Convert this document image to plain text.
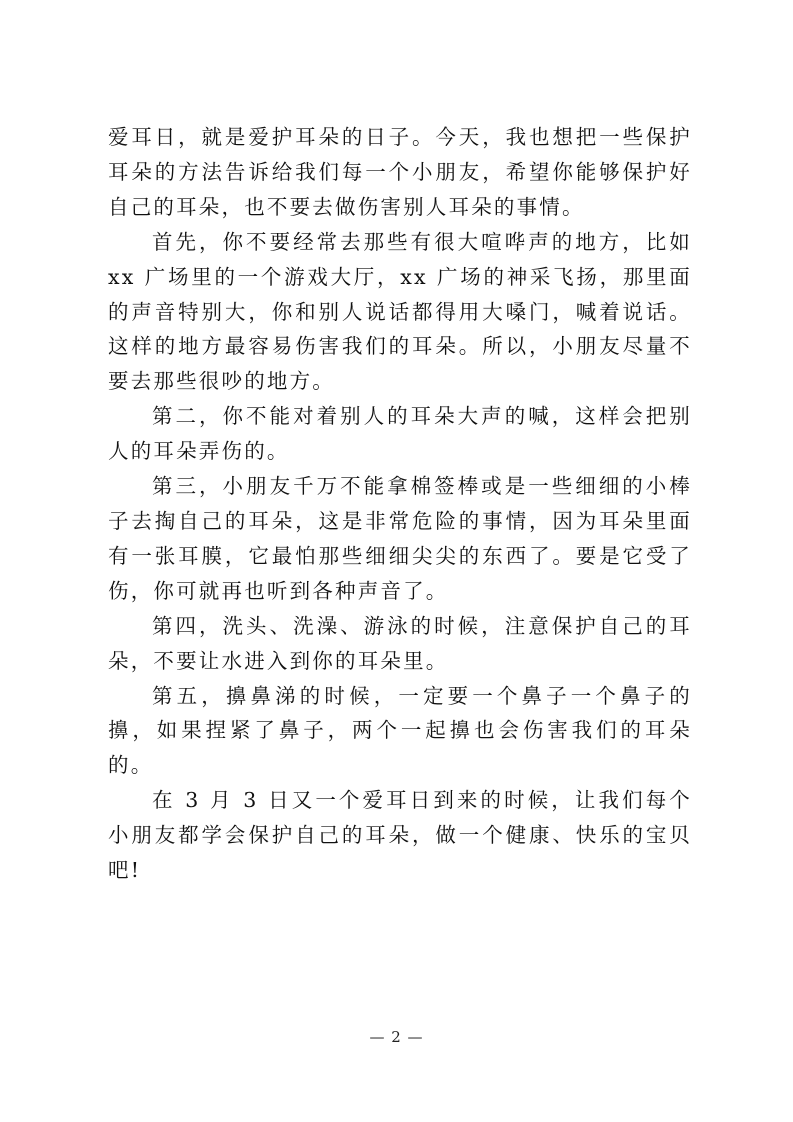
爱耳日，就是爱护耳朵的日子。今天，我也想把一些保护耳朵的方法告诉给我们每一个小朋友，希望你能够保护好自己的耳朵，也不要去做伤害别人耳朵的事情。

首先，你不要经常去那些有很大喧哗声的地方，比如 xx 广场里的一个游戏大厅，xx 广场的神采飞扬，那里面的声音特别大，你和别人说话都得用大嗓门，喊着说话。这样的地方最容易伤害我们的耳朵。所以，小朋友尽量不要去那些很吵的地方。

第二，你不能对着别人的耳朵大声的喊，这样会把别人的耳朵弄伤的。

第三，小朋友千万不能拿棉签棒或是一些细细的小棒子去掏自己的耳朵，这是非常危险的事情，因为耳朵里面有一张耳膜，它最怕那些细细尖尖的东西了。要是它受了伤，你可就再也听到各种声音了。

第四，洗头、洗澡、游泳的时候，注意保护自己的耳朵，不要让水进入到你的耳朵里。

第五，擤鼻涕的时候，一定要一个鼻子一个鼻子的擤，如果捏紧了鼻子，两个一起擤也会伤害我们的耳朵的。

在 3 月 3 日又一个爱耳日到来的时候，让我们每个小朋友都学会保护自己的耳朵，做一个健康、快乐的宝贝吧!

— 2 —
